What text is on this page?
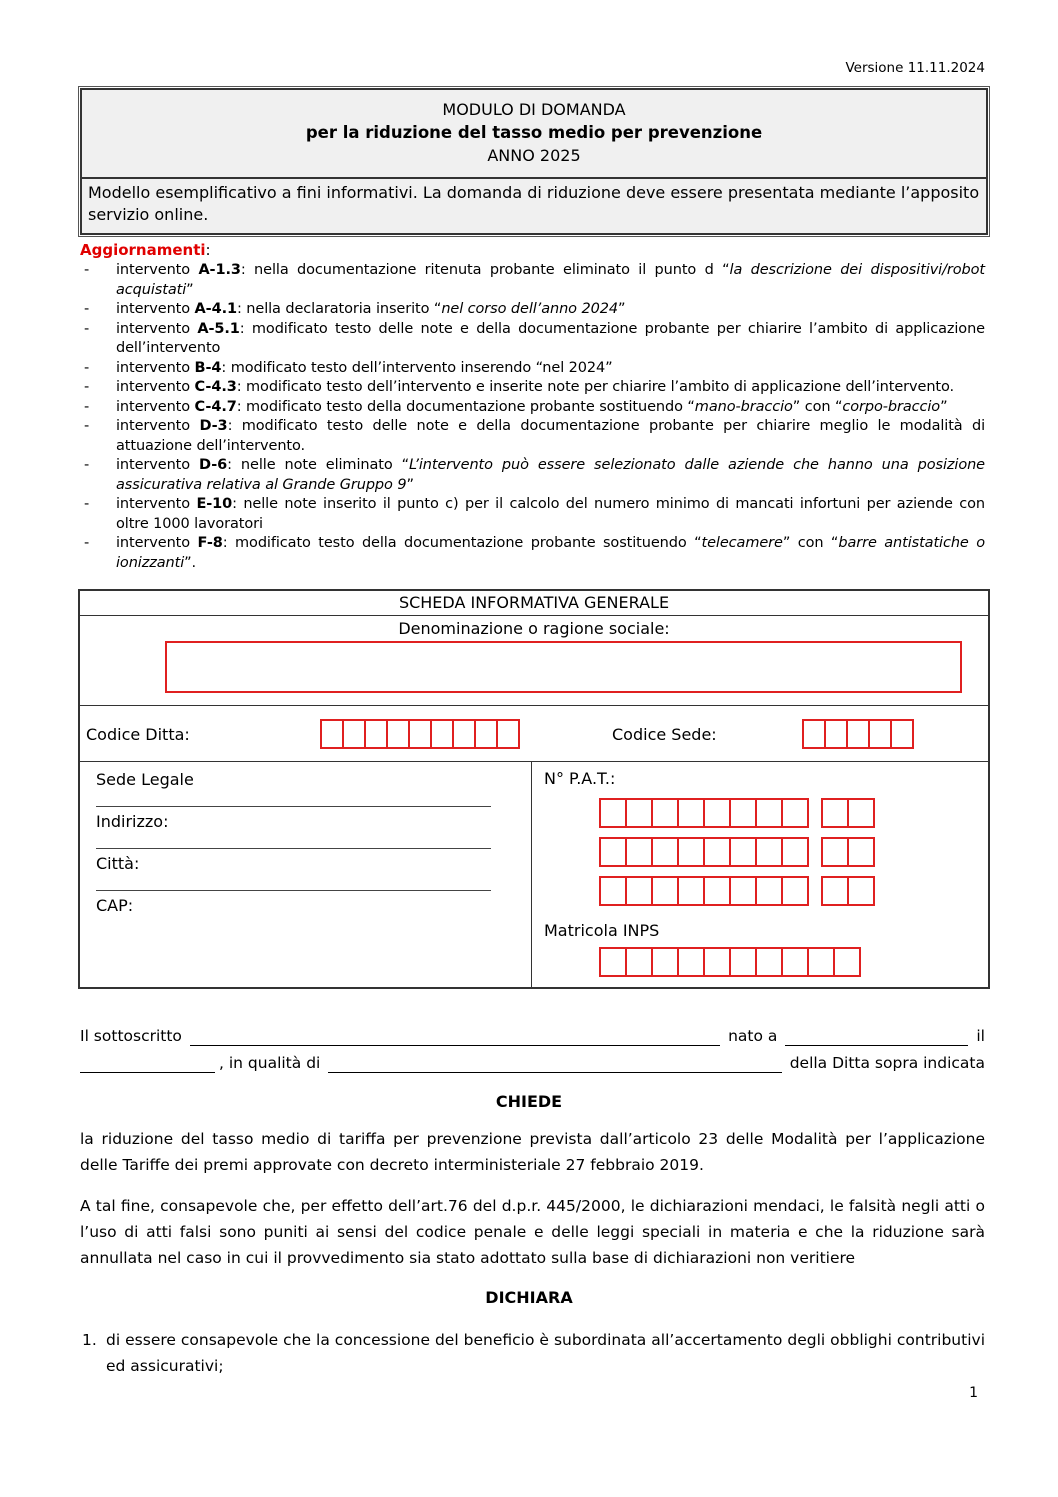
Versione 11.11.2024
MODULO DI DOMANDA
per la riduzione del tasso medio per prevenzione
ANNO 2025
Modello esemplificativo a fini informativi. La domanda di riduzione deve essere presentata mediante l’apposito servizio online.
Aggiornamenti:
- intervento A-1.3: nella documentazione ritenuta probante eliminato il punto d “la descrizione dei dispositivi/robot acquistati”
- intervento A-4.1: nella declaratoria inserito “nel corso dell’anno 2024”
- intervento A-5.1: modificato testo delle note e della documentazione probante per chiarire l’ambito di applicazione dell’intervento
- intervento B-4: modificato testo dell’intervento inserendo “nel 2024”
- intervento C-4.3: modificato testo dell’intervento e inserite note per chiarire l’ambito di applicazione dell’intervento.
- intervento C-4.7: modificato testo della documentazione probante sostituendo “mano-braccio” con “corpo-braccio”
- intervento D-3: modificato testo delle note e della documentazione probante per chiarire meglio le modalità di attuazione dell’intervento.
- intervento D-6: nelle note eliminato “L’intervento può essere selezionato dalle aziende che hanno una posizione assicurativa relativa al Grande Gruppo 9”
- intervento E-10: nelle note inserito il punto c) per il calcolo del numero minimo di mancati infortuni per aziende con oltre 1000 lavoratori
- intervento F-8: modificato testo della documentazione probante sostituendo “telecamere” con “barre antistatiche o ionizzanti”.
SCHEDA INFORMATIVA GENERALE
Denominazione o ragione sociale:
Codice Ditta:	Codice Sede:
Sede Legale
Indirizzo:
Città:
CAP:
N° P.A.T.:
Matricola INPS
Il sottoscritto	nato a	il
, in qualità di	della Ditta sopra indicata
CHIEDE

la riduzione del tasso medio di tariffa per prevenzione prevista dall’articolo 23 delle Modalità per l’applicazione delle Tariffe dei premi approvate con decreto interministeriale 27 febbraio 2019.

A tal fine, consapevole che, per effetto dell’art.76 del d.p.r. 445/2000, le dichiarazioni mendaci, le falsità negli atti o l’uso di atti falsi sono puniti ai sensi del codice penale e delle leggi speciali in materia e che la riduzione sarà annullata nel caso in cui il provvedimento sia stato adottato sulla base di dichiarazioni non veritiere

DICHIARA
1. di essere consapevole che la concessione del beneficio è subordinata all’accertamento degli obblighi contributivi ed assicurativi;
1
